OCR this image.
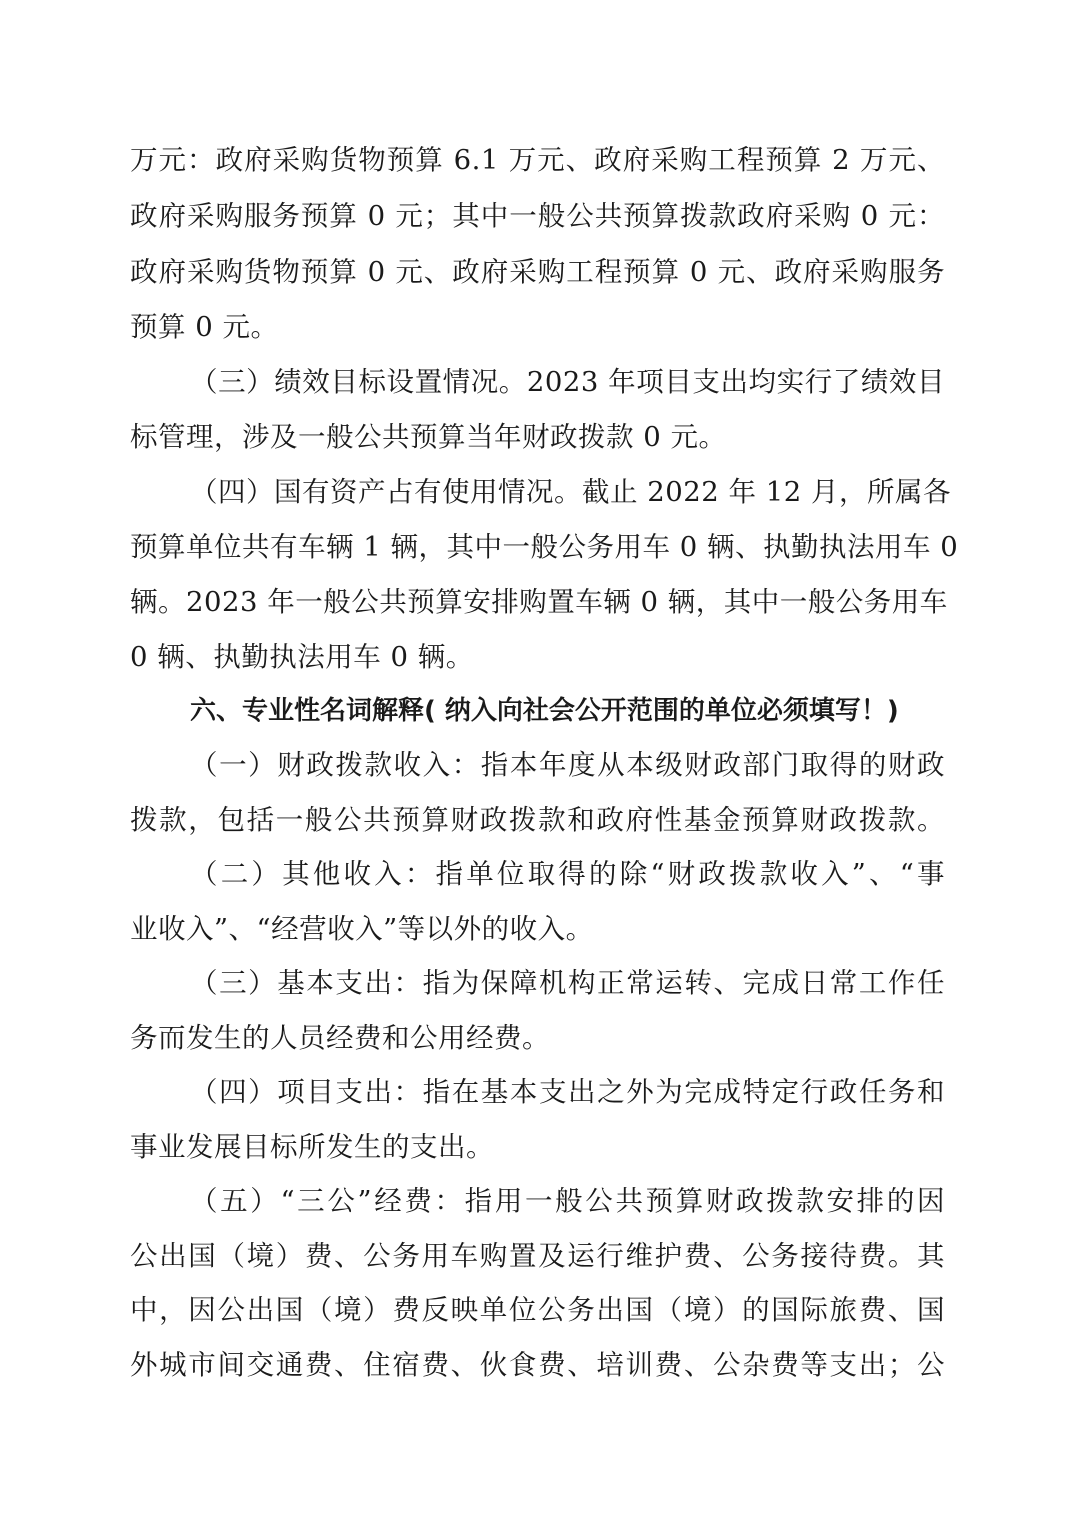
万元：政府采购货物预算 6.1 万元、政府采购工程预算 2 万元、
政府采购服务预算 0 元；其中一般公共预算拨款政府采购 0 元：
政府采购货物预算 0 元、政府采购工程预算 0 元、政府采购服务
预算 0 元。
（三）绩效目标设置情况。2023 年项目支出均实行了绩效目
标管理，涉及一般公共预算当年财政拨款 0 元。
（四）国有资产占有使用情况。截止 2022 年 12 月，所属各
预算单位共有车辆 1 辆，其中一般公务用车 0 辆、执勤执法用车 0
辆。2023 年一般公共预算安排购置车辆 0 辆，其中一般公务用车
0 辆、执勤执法用车 0 辆。
六、专业性名词解释( 纳入向社会公开范围的单位必须填写！)
（一）财政拨款收入：指本年度从本级财政部门取得的财政
拨款，包括一般公共预算财政拨款和政府性基金预算财政拨款。
（二）其他收入：指单位取得的除“财政拨款收入”、“事
业收入”、“经营收入”等以外的收入。
（三）基本支出：指为保障机构正常运转、完成日常工作任
务而发生的人员经费和公用经费。
（四）项目支出：指在基本支出之外为完成特定行政任务和
事业发展目标所发生的支出。
（五）“三公”经费：指用一般公共预算财政拨款安排的因
公出国（境）费、公务用车购置及运行维护费、公务接待费。其
中，因公出国（境）费反映单位公务出国（境）的国际旅费、国
外城市间交通费、住宿费、伙食费、培训费、公杂费等支出；公
